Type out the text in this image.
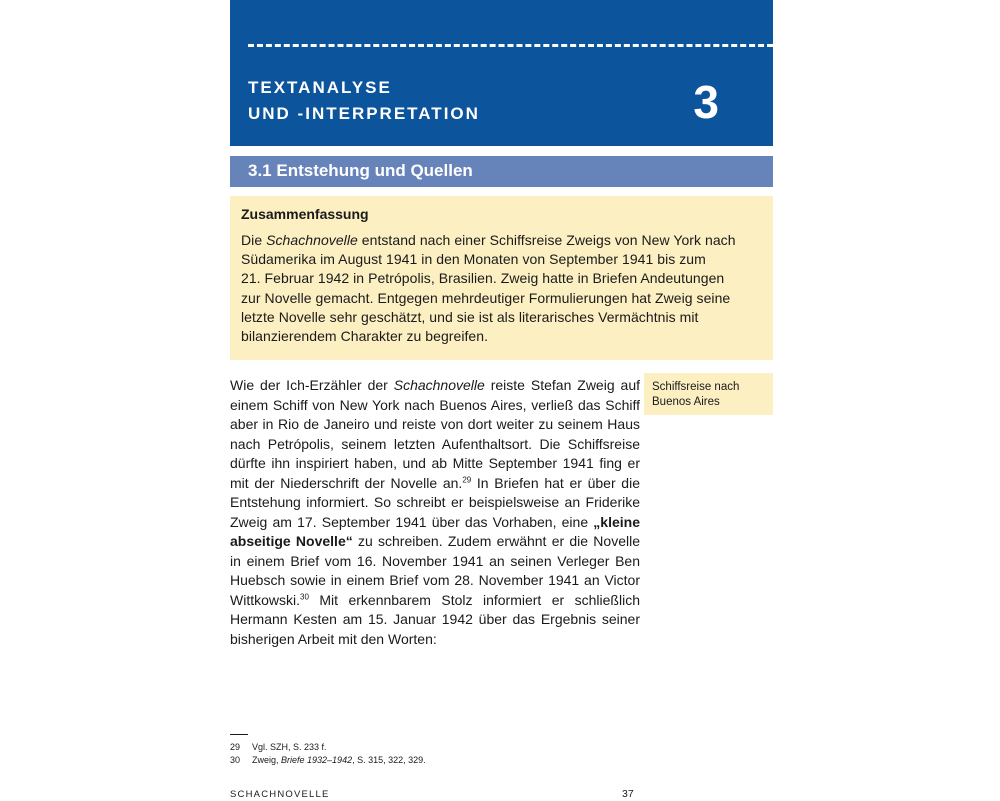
TEXTANALYSE
UND -INTERPRETATION	3
3.1 Entstehung und Quellen
Zusammenfassung
Die Schachnovelle entstand nach einer Schiffsreise Zweigs von New York nach
Südamerika im August 1941 in den Monaten von September 1941 bis zum
21. Februar 1942 in Petrópolis, Brasilien. Zweig hatte in Briefen Andeutungen
zur Novelle gemacht. Entgegen mehrdeutiger Formulierungen hat Zweig seine
letzte Novelle sehr geschätzt, und sie ist als literarisches Vermächtnis mit
bilanzierendem Charakter zu begreifen.
Wie der Ich-Erzähler der Schachnovelle reiste Stefan Zweig auf
einem Schiff von New York nach Buenos Aires, verließ das Schiff
aber in Rio de Janeiro und reiste von dort weiter zu seinem Haus
nach Petrópolis, seinem letzten Aufenthaltsort. Die Schiffsreise
dürfte ihn inspiriert haben, und ab Mitte September 1941 fing er
mit der Niederschrift der Novelle an.$^{29}$ In Briefen hat er über die
Entstehung informiert. So schreibt er beispielsweise an Friderike
Zweig am 17. September 1941 über das Vorhaben, eine „kleine
abseitige Novelle“ zu schreiben. Zudem erwähnt er die Novelle
in einem Brief vom 16. November 1941 an seinen Verleger Ben
Huebsch sowie in einem Brief vom 28. November 1941 an Victor
Wittkowski.$^{30}$ Mit erkennbarem Stolz informiert er schließlich
Hermann Kesten am 15. Januar 1942 über das Ergebnis seiner
bisherigen Arbeit mit den Worten:
Schiffsreise nach
Buenos Aires
29 Vgl. SZH, S. 233 f.
30 Zweig, Briefe 1932–1942, S. 315, 322, 329.
SCHACHNOVELLE	37
